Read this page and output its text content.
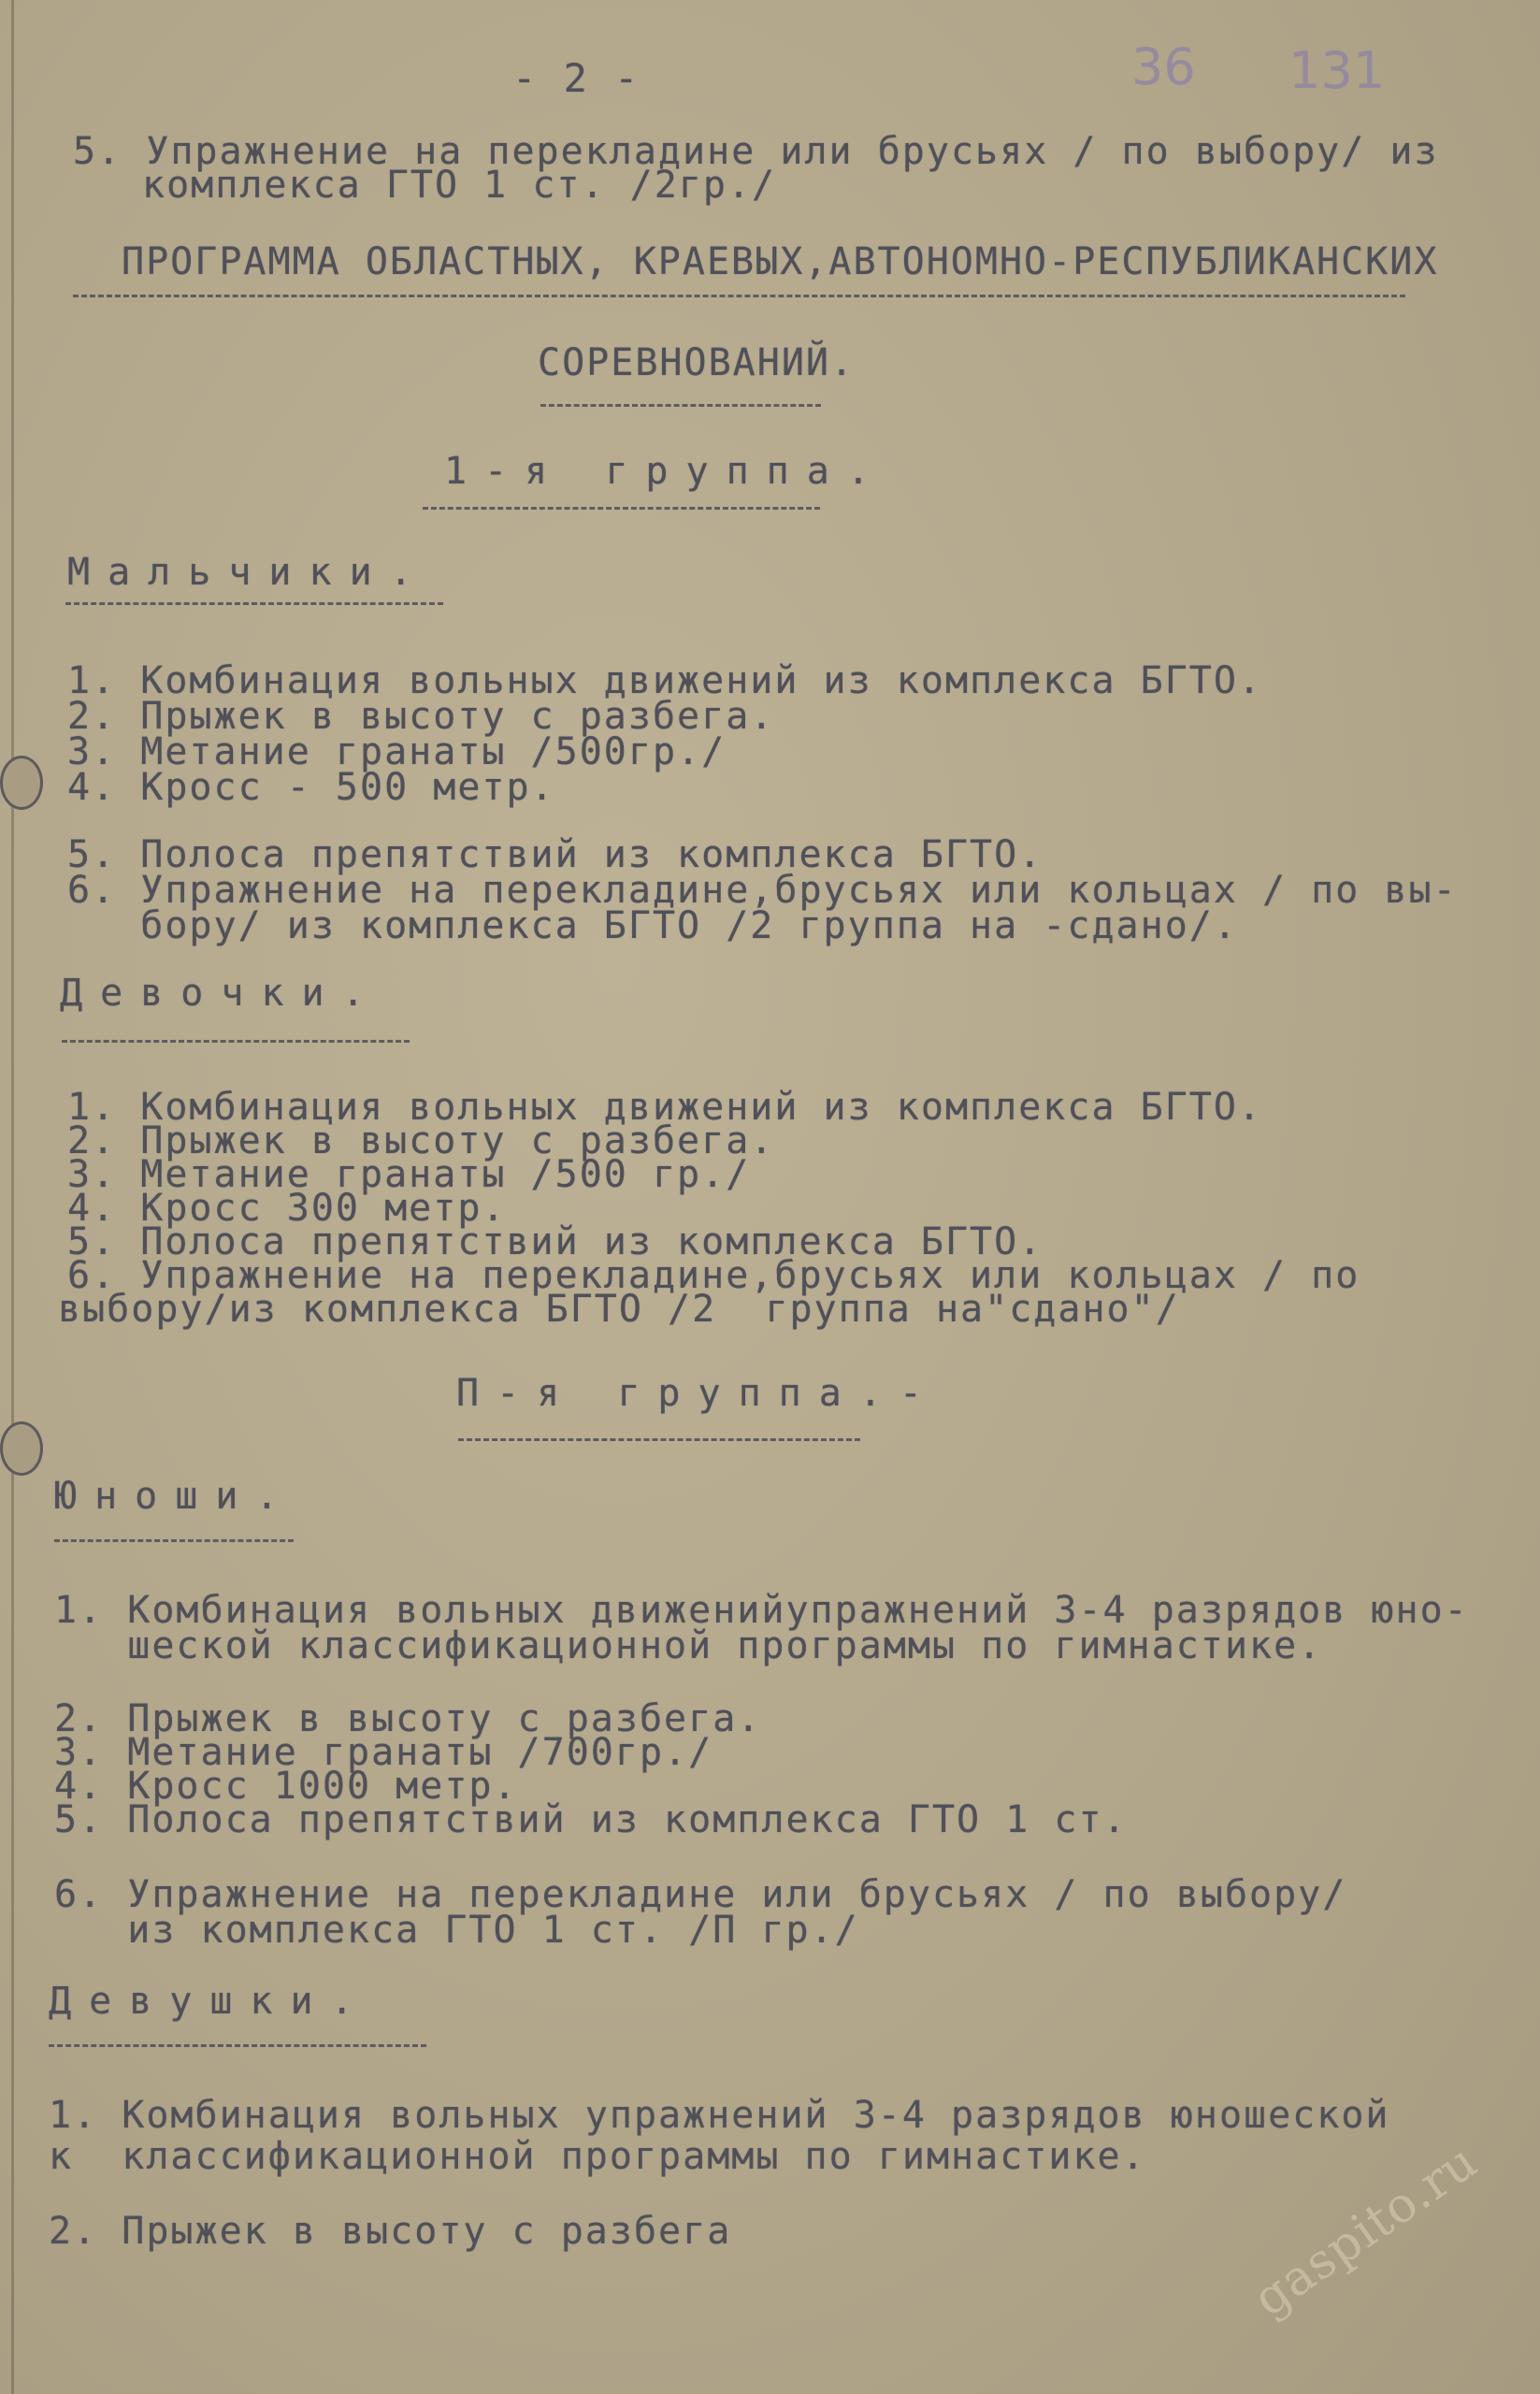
- 2 -	36 131
5. Упражнение на перекладине или брусьях / по выбору/ из
комплекса ГТО 1 ст. /2гр./
ПРОГРАММА ОБЛАСТНЫХ, КРАЕВЫХ,АВТОНОМНО-РЕСПУБЛИКАНСКИХ
СОРЕВНОВАНИЙ.
1-я группа.
Мальчики.
1. Комбинация вольных движений из комплекса БГТО.
2. Прыжек в высоту с разбега.
3. Метание гранаты /500гр./
4. Кросс - 500 метр.
5. Полоса препятствий из комплекса БГТО.
6. Упражнение на перекладине,брусьях или кольцах / по вы-
бору/ из комплекса БГТО /2 группа на -сдано/.
Девочки.
1. Комбинация вольных движений из комплекса БГТО.
2. Прыжек в высоту с разбега.
3. Метание гранаты /500 гр./
4. Кросс 300 метр.
5. Полоса препятствий из комплекса БГТО.
6. Упражнение на перекладине,брусьях или кольцах / по
выбору/из комплекса БГТО /2  группа на"сдано"/
П-я группа.-
Юноши.
1. Комбинация вольных движенийупражнений 3-4 разрядов юно-
шеской классификационной программы по гимнастике.
2. Прыжек в высоту с разбега.
3. Метание гранаты /700гр./
4. Кросс 1000 метр.
5. Полоса препятствий из комплекса ГТО 1 ст.
6. Упражнение на перекладине или брусьях / по выбору/
из комплекса ГТО 1 ст. /П гр./
Девушки.
1. Комбинация вольных упражнений 3-4 разрядов юношеской
к  классификационной программы по гимнастике.
2. Прыжек в высоту с разбега	gaspito.ru
